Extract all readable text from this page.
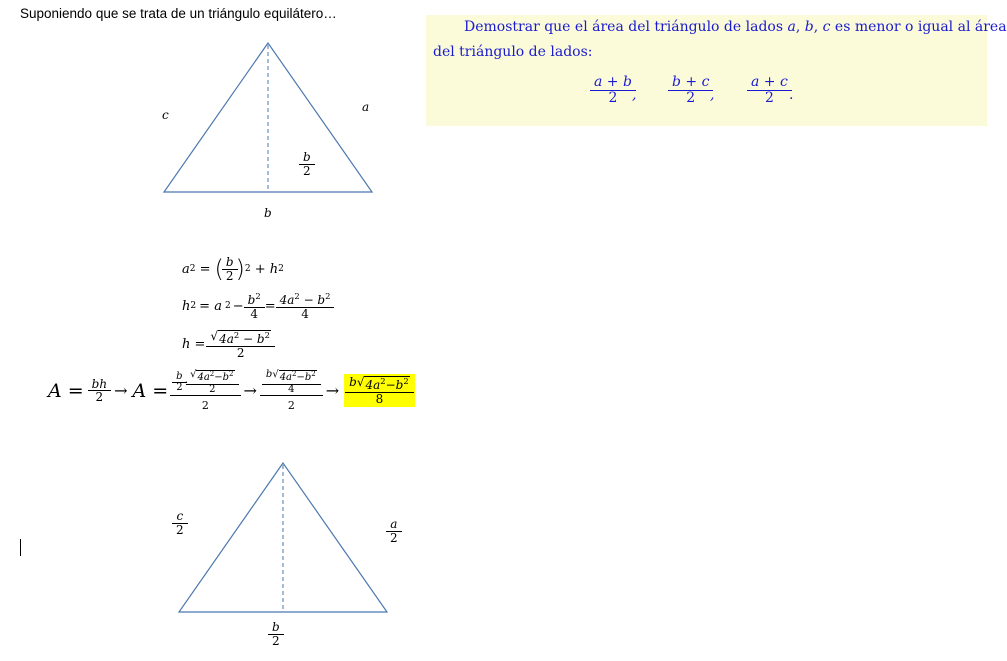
Suponiendo que se trata de un triángulo equilátero…
c
a
b
$\frac{b}{2}$
a 2 = ( $\frac{b}{2}$ ) 2 + h 2
h 2 = a $2 - \frac{b^2}{4} = \frac{4a^2 - b^2}{4}$
$h = \frac{√ 4a^2 - b^2}{2}$
$A = \frac{bh}{2} \to A = \frac{\frac{b}{2} \cdot \frac{√ 4a^2-b^2}{2}}{2} \to \frac{\frac{b √ 4a^2-b^2}{4}}{2} \to \frac{b √ 4a^2-b^2}{8}$
$\frac{c}{2}$	$\frac{a}{2}$
$\frac{b}{2}$
Demostrar que el área del triángulo de lados a, b, c es menor o igual al área
del triángulo de lados:
$\frac{a + b}{2}$
, $\frac{b + c}{2}$
, $\frac{a + c}{2}$ .
